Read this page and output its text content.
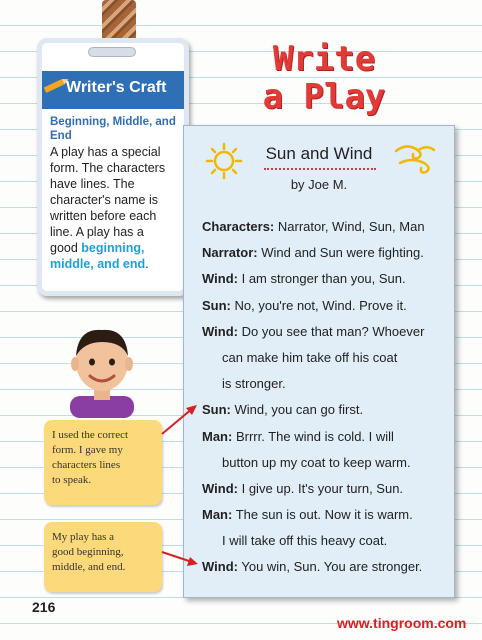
Writer's Craft
Beginning, Middle, and End
A play has a special
form. The characters
have lines. The
character's name is
written before each
line. A play has a
good beginning,
middle, and end.
Write
a Play
Sun and Wind
by Joe M.
Characters: Narrator, Wind, Sun, Man
Narrator: Wind and Sun were fighting.
Wind: I am stronger than you, Sun.
Sun: No, you're not, Wind. Prove it.
Wind: Do you see that man? Whoever
can make him take off his coat
is stronger.
Sun: Wind, you can go first.
Man: Brrrr. The wind is cold. I will
button up my coat to keep warm.
Wind: I give up. It's your turn, Sun.
Man: The sun is out. Now it is warm.
I will take off this heavy coat.
Wind: You win, Sun. You are stronger.
I used the correct
form. I gave my
characters lines
to speak.
My play has a
good beginning,
middle, and end.
216
www.tingroom.com
